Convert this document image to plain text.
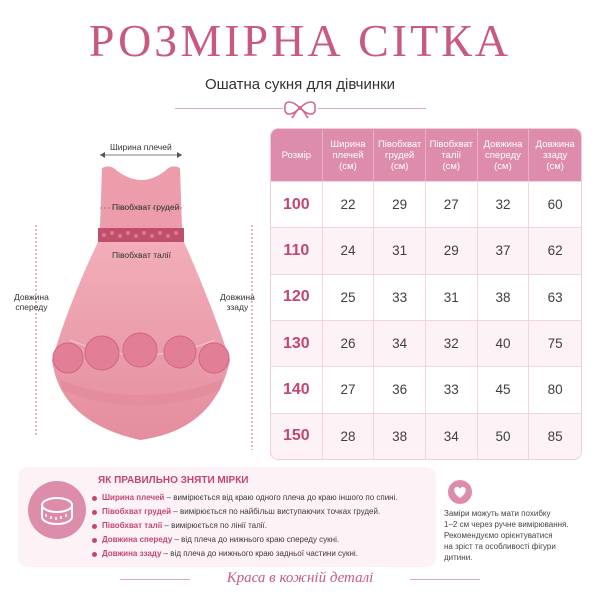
РОЗМІРНА СІТКА
Ошатна сукня для дівчинки
Ширина плечей
Півобхват грудей
Півобхват талії
Довжина
спереду
Довжина
ззаду
Розмір	Ширина
плечей
(см)	Півобхват
грудей
(см)	Півобхват
талії
(см)	Довжина
спереду
(см)	Довжина
ззаду
(см)
100	22	29	27	32	60
110	24	31	29	37	62
120	25	33	31	38	63
130	26	34	32	40	75
140	27	36	33	45	80
150	28	38	34	50	85
ЯК ПРАВИЛЬНО ЗНЯТИ МІРКИ
Ширина плечей – вимірюється від краю одного плеча до краю іншого по спині.
Півобхват грудей – вимірюється по найбільш виступаючих точках грудей.
Півобхват талії – вимірюється по лінії талії.
Довжина спереду – від плеча до нижнього краю спереду сукні.
Довжина ззаду – від плеча до нижнього краю задньої частини сукні.
Заміри можуть мати похибку
1–2 см через ручне вимірювання.
Рекомендуємо орієнтуватися
на зріст та особливості фігури
дитини.
Краса в кожній деталі
